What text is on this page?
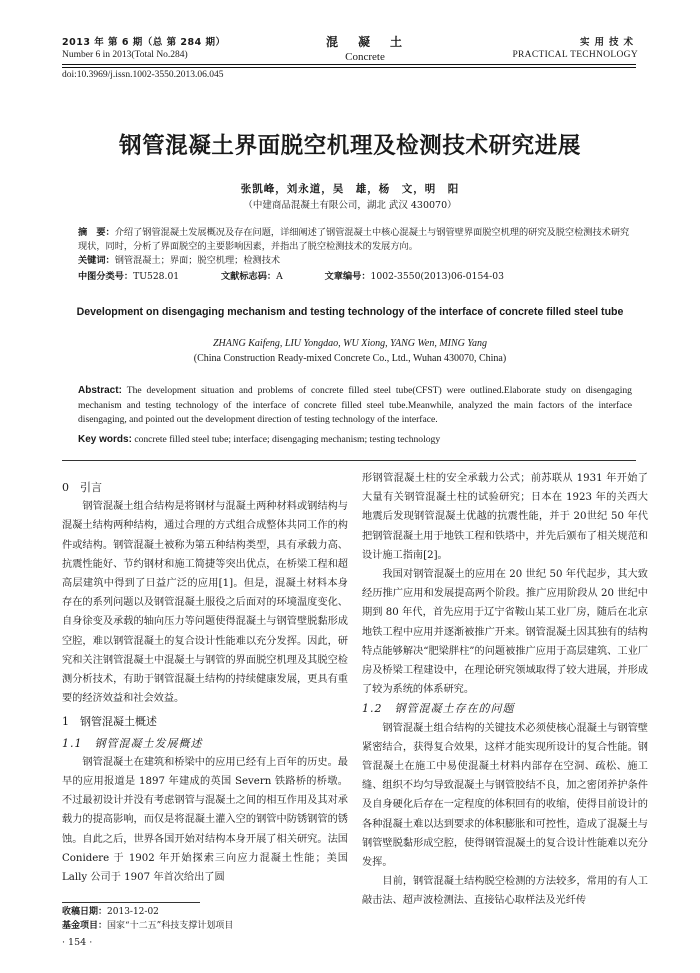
2013 年 第 6 期（总 第 284 期）
Number 6 in 2013(Total No.284)
混凝土
Concrete
实用技术
PRACTICAL TECHNOLOGY
doi:10.3969/j.issn.1002-3550.2013.06.045
钢管混凝土界面脱空机理及检测技术研究进展
张凯峰，刘永道，吴　雄，杨　文，明　阳
（中建商品混凝土有限公司，湖北 武汉 430070）
摘　要：介绍了钢管混凝土发展概况及存在问题，详细阐述了钢管混凝土中核心混凝土与钢管壁界面脱空机理的研究及脱空检测技术研究现状，同时，分析了界面脱空的主要影响因素，并指出了脱空检测技术的发展方向。
关键词：钢管混凝土；界面；脱空机理；检测技术
中图分类号：TU528.01	文献标志码：A	文章编号：1002-3550(2013)06-0154-03
Development on disengaging mechanism and testing technology of the interface of concrete filled steel tube
ZHANG Kaifeng, LIU Yongdao, WU Xiong, YANG Wen, MING Yang
(China Construction Ready-mixed Concrete Co., Ltd., Wuhan 430070, China)
Abstract: The development situation and problems of concrete filled steel tube(CFST) were outlined.Elaborate study on disengaging mechanism and testing technology of the interface of concrete filled steel tube.Meanwhile, analyzed the main factors of the interface disengaging, and pointed out the development direction of testing technology of the interface.
Key words: concrete filled steel tube; interface; disengaging mechanism; testing technology
0　引言

钢管混凝土组合结构是将钢材与混凝土两种材料或钢结构与混凝土结构两种结构，通过合理的方式组合成整体共同工作的构件或结构。钢管混凝土被称为第五种结构类型，具有承载力高、抗震性能好、节约钢材和施工简捷等突出优点，在桥梁工程和超高层建筑中得到了日益广泛的应用[1]。但是，混凝土材料本身存在的系列问题以及钢管混凝土服役之后面对的环境温度变化、自身徐变及承载的轴向压力等问题使得混凝土与钢管壁脱黏形成空腔，难以钢管混凝土的复合设计性能难以充分发挥。因此，研究和关注钢管混凝土中混凝土与钢管的界面脱空机理及其脱空检测分析技术，有助于钢管混凝土结构的持续健康发展，更具有重要的经济效益和社会效益。

1　钢管混凝土概述
1.1　钢管混凝土发展概述

钢管混凝土在建筑和桥梁中的应用已经有上百年的历史。最早的应用报道是 1897 年建成的英国 Severn 铁路桥的桥墩。不过最初设计并没有考虑钢管与混凝土之间的相互作用及其对承载力的提高影响，而仅是将混凝土灌入空的钢管中防锈钢管的锈蚀。自此之后，世界各国开始对结构本身开展了相关研究。法国 Conidere 于 1902 年开始探索三向应力混凝土性能；美国 Lally 公司于 1907 年首次给出了圆

形钢管混凝土柱的安全承载力公式；前苏联从 1931 年开始了大量有关钢管混凝土柱的试验研究；日本在 1923 年的关西大地震后发现钢管混凝土优越的抗震性能，并于 20世纪 50 年代把钢管混凝土用于地铁工程和铁塔中，并先后颁布了相关规范和设计施工指南[2]。

我国对钢管混凝土的应用在 20 世纪 50 年代起步，其大致经历推广应用和发展提高两个阶段。推广应用阶段从 20 世纪中期到 80 年代，首先应用于辽宁省鞍山某工业厂房，随后在北京地铁工程中应用并逐渐被推广开来。钢管混凝土因其独有的结构特点能够解决“肥梁胖柱”的问题被推广应用于高层建筑、工业厂房及桥梁工程建设中，在理论研究领域取得了较大进展，并形成了较为系统的体系研究。

1.2　钢管混凝土存在的问题

钢管混凝土组合结构的关键技术必须使核心混凝土与钢管壁紧密结合，获得复合效果，这样才能实现所设计的复合性能。钢管混凝土在施工中易使混凝土材料内部存在空洞、疏松、施工缝、组织不均匀导致混凝土与钢管胶结不良，加之密闭养护条件及自身硬化后存在一定程度的体积回有的收缩，使得目前设计的各种混凝土难以达到要求的体积膨胀和可控性，造成了混凝土与钢管壁脱黏形成空腔，使得钢管混凝土的复合设计性能难以充分发挥。

目前，钢管混凝土结构脱空检测的方法较多，常用的有人工敲击法、超声波检测法、直接钻心取样法及光纤传

收稿日期：2013-12-02
基金项目：国家“十二五”科技支撑计划项目
· 154 ·
